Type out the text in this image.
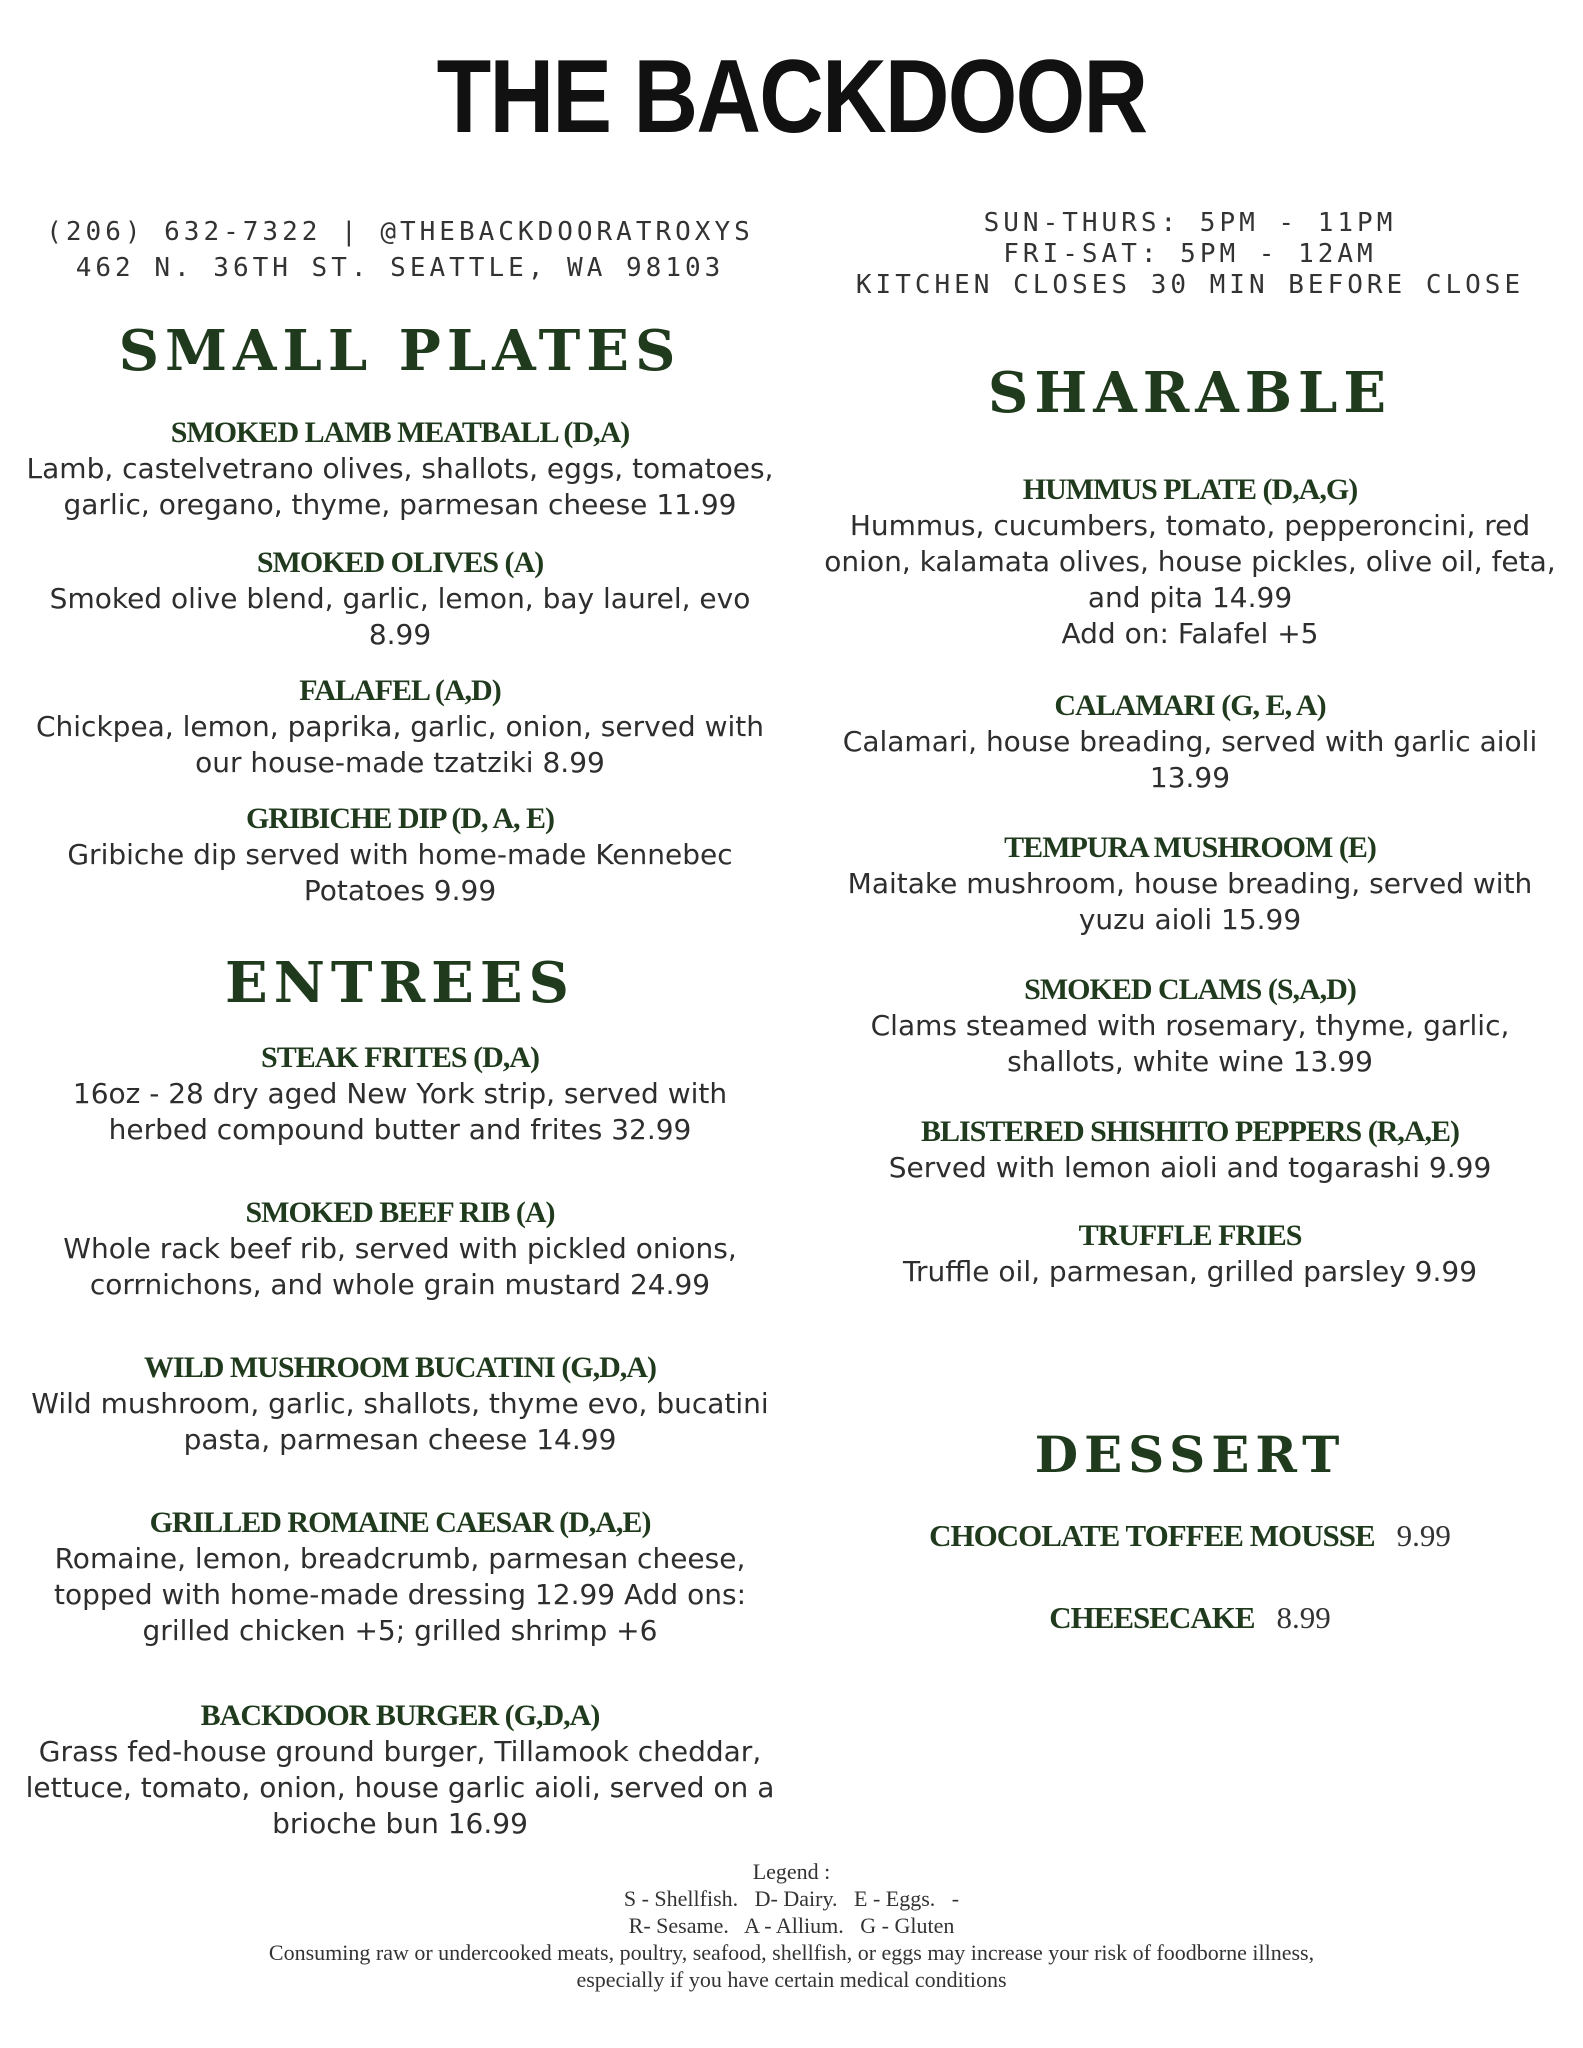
THE BACKDOOR
(206) 632-7322 | @THEBACKDOORATROXYS
462 N. 36TH ST. SEATTLE, WA 98103
SUN-THURS: 5PM - 11PM
FRI-SAT: 5PM - 12AM
KITCHEN CLOSES 30 MIN BEFORE CLOSE
SMALL PLATES
SMOKED LAMB MEATBALL (D,A)
Lamb, castelvetrano olives, shallots, eggs, tomatoes, garlic, oregano, thyme, parmesan cheese 11.99
SMOKED OLIVES (A)
Smoked olive blend, garlic, lemon, bay laurel, evo 8.99
FALAFEL (A,D)
Chickpea, lemon, paprika, garlic, onion, served with our house-made tzatziki 8.99
GRIBICHE DIP (D, A, E)
Gribiche dip served with home-made Kennebec Potatoes 9.99
ENTREES
STEAK FRITES (D,A)
16oz - 28 dry aged New York strip, served with herbed compound butter and frites 32.99
SMOKED BEEF RIB (A)
Whole rack beef rib, served with pickled onions, corrnichons, and whole grain mustard 24.99
WILD MUSHROOM BUCATINI (G,D,A)
Wild mushroom, garlic, shallots, thyme evo, bucatini pasta, parmesan cheese 14.99
GRILLED ROMAINE CAESAR (D,A,E)
Romaine, lemon, breadcrumb, parmesan cheese, topped with home-made dressing 12.99 Add ons: grilled chicken +5; grilled shrimp +6
BACKDOOR BURGER (G,D,A)
Grass fed-house ground burger, Tillamook cheddar, lettuce, tomato, onion, house garlic aioli, served on a brioche bun 16.99
SHARABLE
HUMMUS PLATE (D,A,G)
Hummus, cucumbers, tomato, pepperoncini, red onion, kalamata olives, house pickles, olive oil, feta, and pita 14.99
Add on: Falafel +5
CALAMARI (G, E, A)
Calamari, house breading, served with garlic aioli 13.99
TEMPURA MUSHROOM (E)
Maitake mushroom, house breading, served with yuzu aioli 15.99
SMOKED CLAMS (S,A,D)
Clams steamed with rosemary, thyme, garlic, shallots, white wine 13.99
BLISTERED SHISHITO PEPPERS (R,A,E)
Served with lemon aioli and togarashi 9.99
TRUFFLE FRIES
Truffle oil, parmesan, grilled parsley 9.99
DESSERT
CHOCOLATE TOFFEE MOUSSE 9.99
CHEESECAKE 8.99
Legend :
S - Shellfish.   D- Dairy.   E - Eggs.   -
R- Sesame.   A - Allium.   G - Gluten
Consuming raw or undercooked meats, poultry, seafood, shellfish, or eggs may increase your risk of foodborne illness,
especially if you have certain medical conditions
